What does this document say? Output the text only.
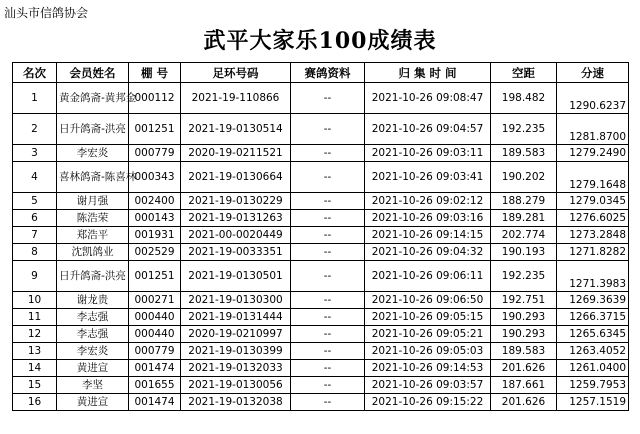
汕头市信鸽协会
武平大家乐100成绩表
名次	会员姓名	棚 号	足环号码	赛鸽资料	归 集 时 间	空距	分速
1	黄金鸽斋-黄邦金	000112	2021-19-110866	--	2021-10-26 09:08:47	198.482	1290.6237
2	日升鸽斋-洪亮	001251	2021-19-0130514	--	2021-10-26 09:04:57	192.235	1281.8700
3	李宏炎	000779	2020-19-0211521	--	2021-10-26 09:03:11	189.583	1279.2490
4	喜林鸽斋-陈喜林	000343	2021-19-0130664	--	2021-10-26 09:03:41	190.202	1279.1648
5	谢月强	002400	2021-19-0130229	--	2021-10-26 09:02:12	188.279	1279.0345
6	陈浩荣	000143	2021-19-0131263	--	2021-10-26 09:03:16	189.281	1276.6025
7	郑浩平	001931	2021-00-0020449	--	2021-10-26 09:14:15	202.774	1273.2848
8	沈凯鸽业	002529	2021-19-0033351	--	2021-10-26 09:04:32	190.193	1271.8282
9	日升鸽斋-洪亮	001251	2021-19-0130501	--	2021-10-26 09:06:11	192.235	1271.3983
10	谢龙贵	000271	2021-19-0130300	--	2021-10-26 09:06:50	192.751	1269.3639
11	李志强	000440	2021-19-0131444	--	2021-10-26 09:05:15	190.293	1266.3715
12	李志强	000440	2020-19-0210997	--	2021-10-26 09:05:21	190.293	1265.6345
13	李宏炎	000779	2021-19-0130399	--	2021-10-26 09:05:03	189.583	1263.4052
14	黄进宣	001474	2021-19-0132033	--	2021-10-26 09:14:53	201.626	1261.0400
15	李坚	001655	2021-19-0130056	--	2021-10-26 09:03:57	187.661	1259.7953
16	黄进宣	001474	2021-19-0132038	--	2021-10-26 09:15:22	201.626	1257.1519
